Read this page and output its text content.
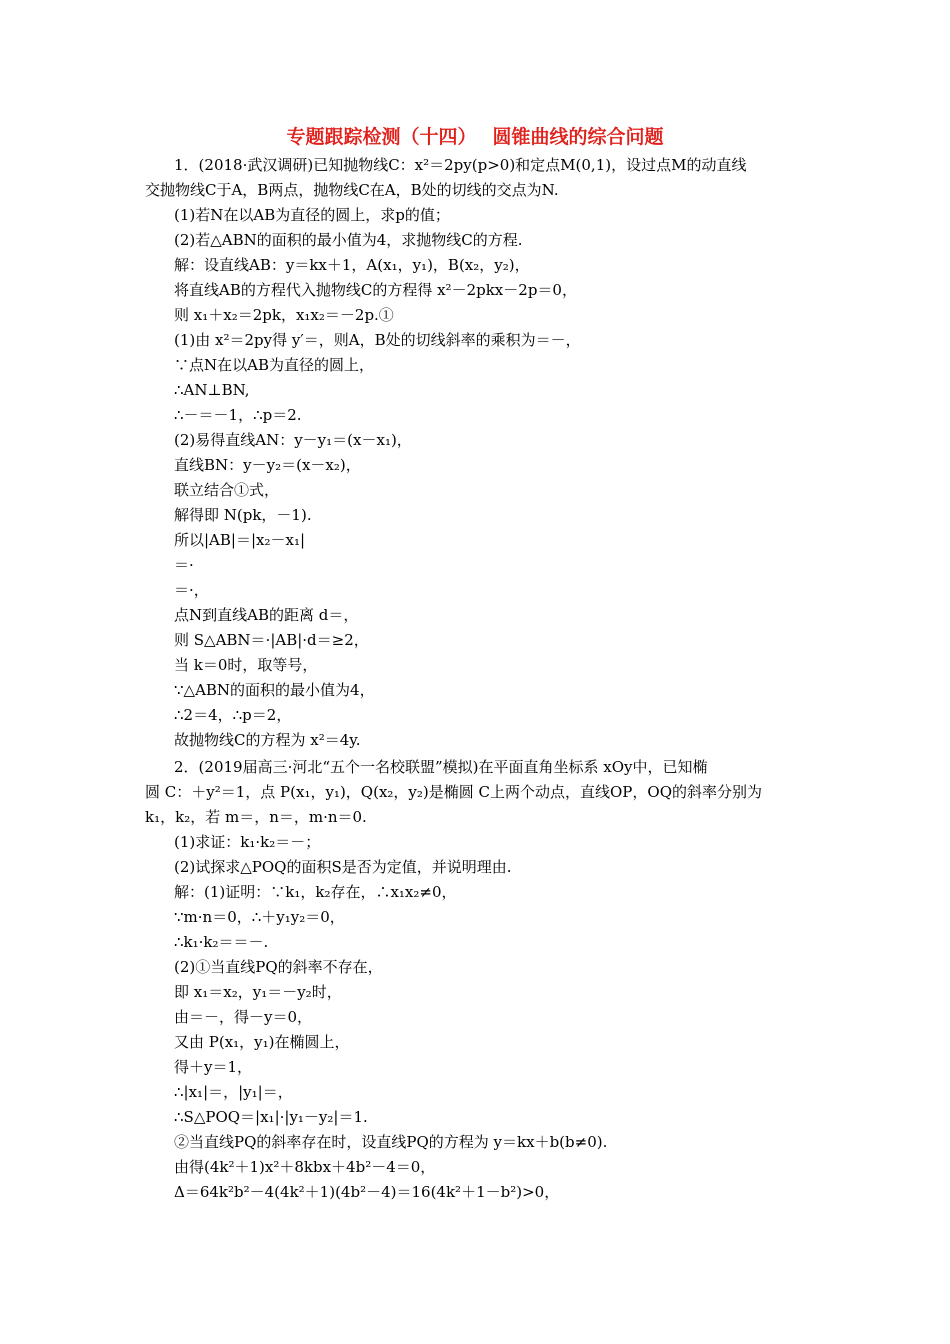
专题跟踪检测（十四）　 圆锥曲线的综合问题
1．(2018·武汉调研)已知抛物线C：x²＝2py(p>0)和定点M(0,1)，设过点M的动直线
交抛物线C于A，B两点，抛物线C在A，B处的切线的交点为N.
(1)若N在以AB为直径的圆上，求p的值；
(2)若△ABN的面积的最小值为4，求抛物线C的方程.
解：设直线AB：y＝kx＋1，A(x₁，y₁)，B(x₂，y₂)，
将直线AB的方程代入抛物线C的方程得 x²－2pkx－2p＝0，
则 x₁＋x₂＝2pk，x₁x₂＝－2p.①
(1)由 x²＝2py得 y′＝，则A，B处的切线斜率的乘积为＝－，
∵点N在以AB为直径的圆上，
∴AN⊥BN,
∴－＝－1，∴p＝2.
(2)易得直线AN：y－y₁＝(x－x₁)，
直线BN：y－y₂＝(x－x₂)，
联立结合①式，
解得即 N(pk，－1).
所以|AB|＝|x₂－x₁|
＝·
＝·，
点N到直线AB的距离 d＝，
则 S△ABN＝·|AB|·d＝≥2，
当 k＝0时，取等号，
∵△ABN的面积的最小值为4，
∴2＝4，∴p＝2，
故抛物线C的方程为 x²＝4y.
2．(2019届高三·河北“五个一名校联盟”模拟)在平面直角坐标系 xOy中，已知椭
圆 C：＋y²＝1，点 P(x₁，y₁)，Q(x₂，y₂)是椭圆 C上两个动点，直线OP，OQ的斜率分别为
k₁，k₂，若 m＝，n＝，m·n＝0.
(1)求证：k₁·k₂＝－；
(2)试探求△POQ的面积S是否为定值，并说明理由.
解：(1)证明：∵k₁，k₂存在，∴x₁x₂≠0，
∵m·n＝0，∴＋y₁y₂＝0，
∴k₁·k₂＝＝－.
(2)①当直线PQ的斜率不存在，
即 x₁＝x₂，y₁＝－y₂时，
由＝－，得－y＝0，
又由 P(x₁，y₁)在椭圆上，
得＋y＝1，
∴|x₁|＝，|y₁|＝，
∴S△POQ＝|x₁|·|y₁－y₂|＝1.
②当直线PQ的斜率存在时，设直线PQ的方程为 y＝kx＋b(b≠0).
由得(4k²＋1)x²＋8kbx＋4b²－4＝0，
Δ＝64k²b²－4(4k²＋1)(4b²－4)＝16(4k²＋1－b²)>0，
